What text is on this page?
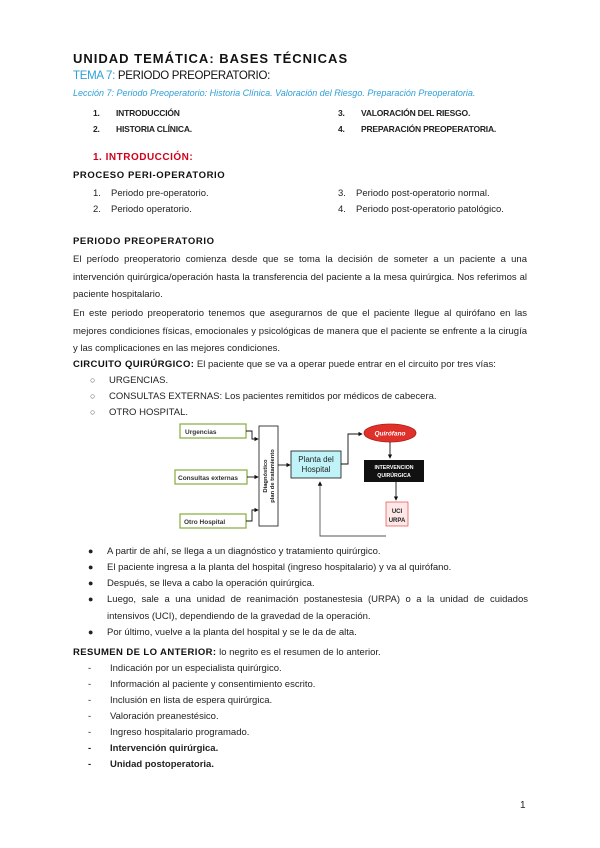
UNIDAD TEMÁTICA: BASES TÉCNICAS
TEMA 7: PERIODO PREOPERATORIO:
Lección 7: Periodo Preoperatorio: Historia Clínica. Valoración del Riesgo. Preparación Preoperatoria.
1. INTRODUCCIÓN
2. HISTORIA CLÍNICA.
3. VALORACIÓN DEL RIESGO.
4. PREPARACIÓN PREOPERATORIA.
1. INTRODUCCIÓN:
PROCESO PERI-OPERATORIO
1. Periodo pre-operatorio.
2. Periodo operatorio.
3. Periodo post-operatorio normal.
4. Periodo post-operatorio patológico.
PERIODO PREOPERATORIO
El período preoperatorio comienza desde que se toma la decisión de someter a un paciente a una intervención quirúrgica/operación hasta la transferencia del paciente a la mesa quirúrgica. Nos referimos al paciente hospitalario.
En este periodo preoperatorio tenemos que asegurarnos de que el paciente llegue al quirófano en las mejores condiciones físicas, emocionales y psicológicas de manera que el paciente se enfrente a la cirugía y las complicaciones en las mejores condiciones.
CIRCUITO QUIRÚRGICO: El paciente que se va a operar puede entrar en el circuito por tres vías:
○ URGENCIAS.
○ CONSULTAS EXTERNAS: Los pacientes remitidos por médicos de cabecera.
○ OTRO HOSPITAL.
Urgencias
Consultas externas
Otro Hospital
Diagnóstico plan de tratamiento	Planta del
Hospital
Quirófano
INTERVENCION
QUIRÚRGICA
UCI
URPA
● A partir de ahí, se llega a un diagnóstico y tratamiento quirúrgico.
● El paciente ingresa a la planta del hospital (ingreso hospitalario) y va al quirófano.
● Después, se lleva a cabo la operación quirúrgica.
● Luego, sale a una unidad de reanimación postanestesia (URPA) o a la unidad de cuidados intensivos (UCI), dependiendo de la gravedad de la operación.
● Por último, vuelve a la planta del hospital y se le da de alta.
RESUMEN DE LO ANTERIOR: lo negrito es el resumen de lo anterior.
- Indicación por un especialista quirúrgico.
- Información al paciente y consentimiento escrito.
- Inclusión en lista de espera quirúrgica.
- Valoración preanestésico.
- Ingreso hospitalario programado.
- Intervención quirúrgica.
- Unidad postoperatoria.
1
